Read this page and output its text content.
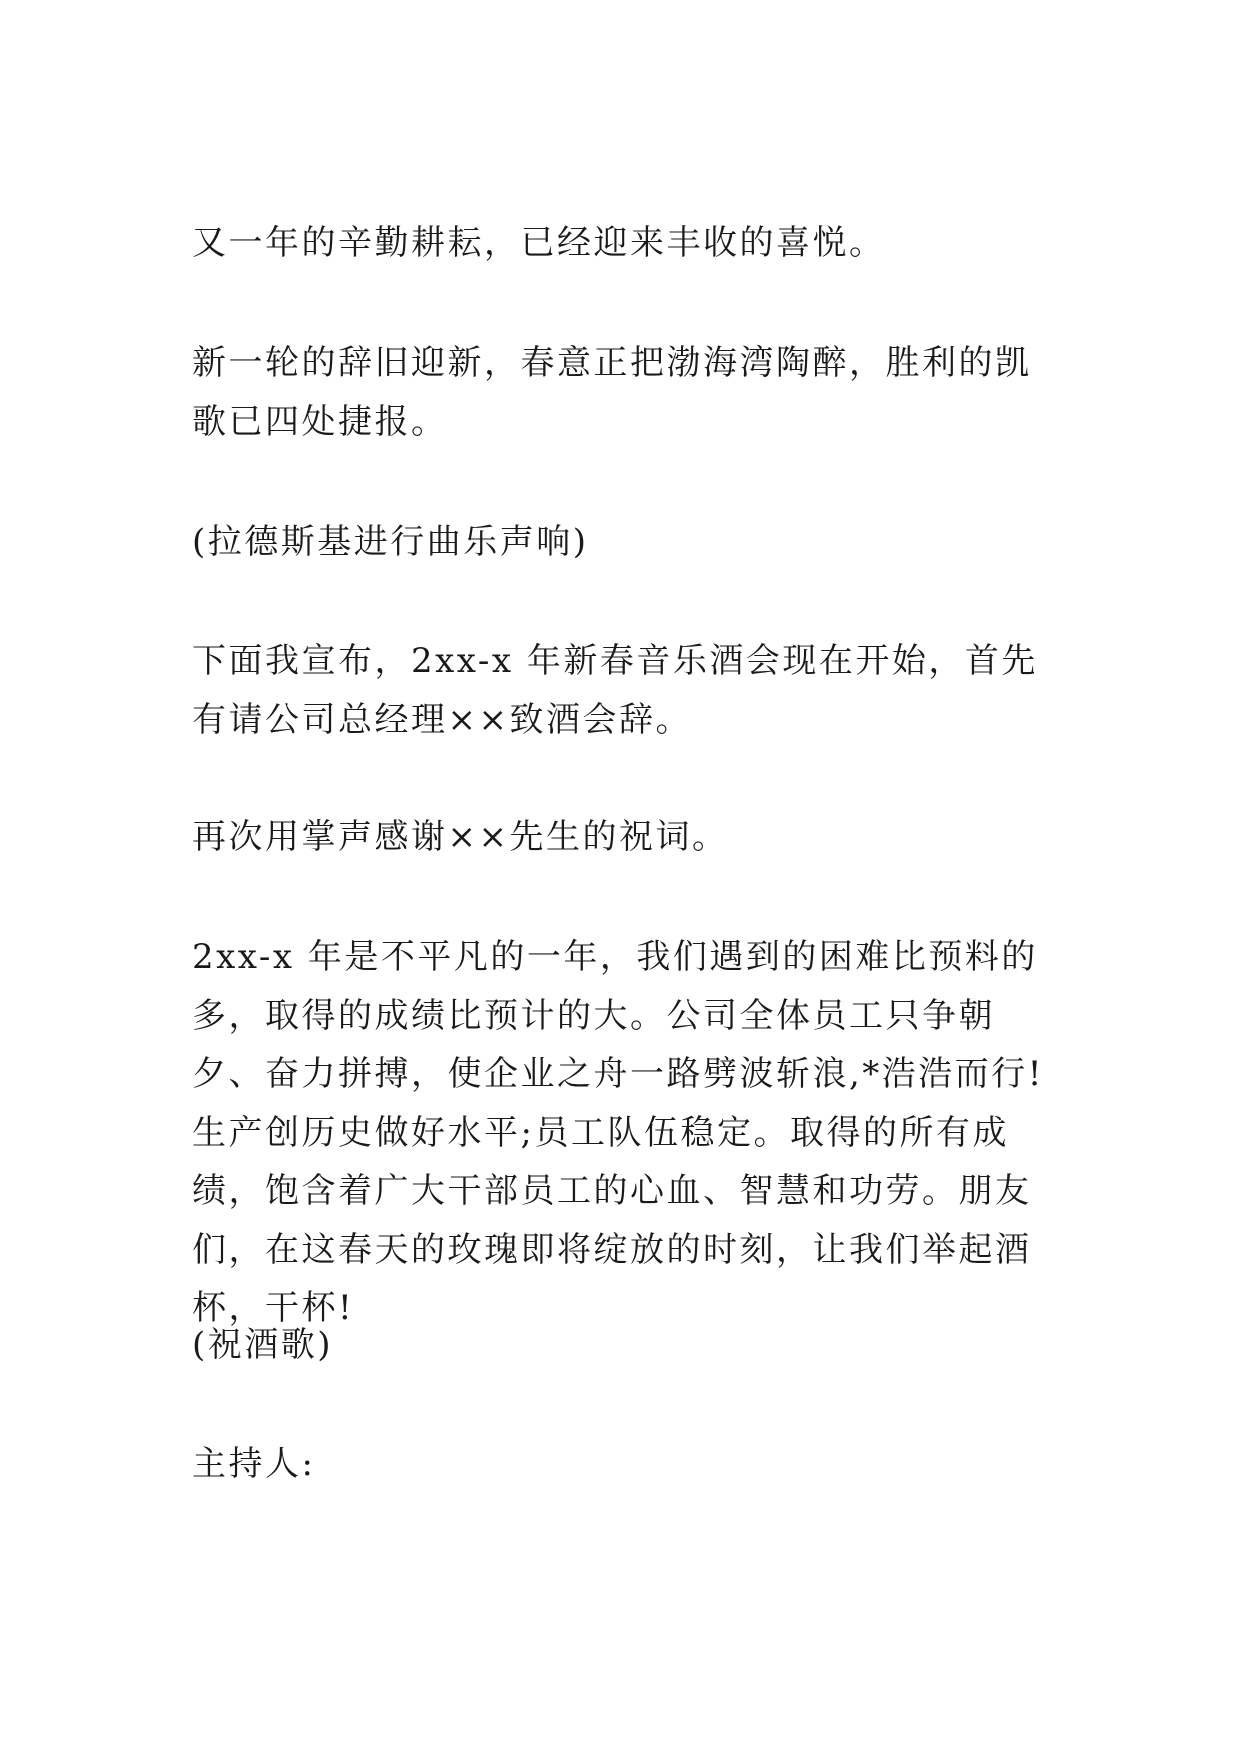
又一年的辛勤耕耘，已经迎来丰收的喜悦。

新一轮的辞旧迎新，春意正把渤海湾陶醉，胜利的凯歌已四处捷报。

(拉德斯基进行曲乐声响)

下面我宣布，2xx-x 年新春音乐酒会现在开始，首先有请公司总经理××致酒会辞。

再次用掌声感谢××先生的祝词。

2xx-x 年是不平凡的一年，我们遇到的困难比预料的多，取得的成绩比预计的大。公司全体员工只争朝夕、奋力拼搏，使企业之舟一路劈波斩浪,*浩浩而行!生产创历史做好水平;员工队伍稳定。取得的所有成绩，饱含着广大干部员工的心血、智慧和功劳。朋友们，在这春天的玫瑰即将绽放的时刻，让我们举起酒杯，干杯!

(祝酒歌)

主持人:
